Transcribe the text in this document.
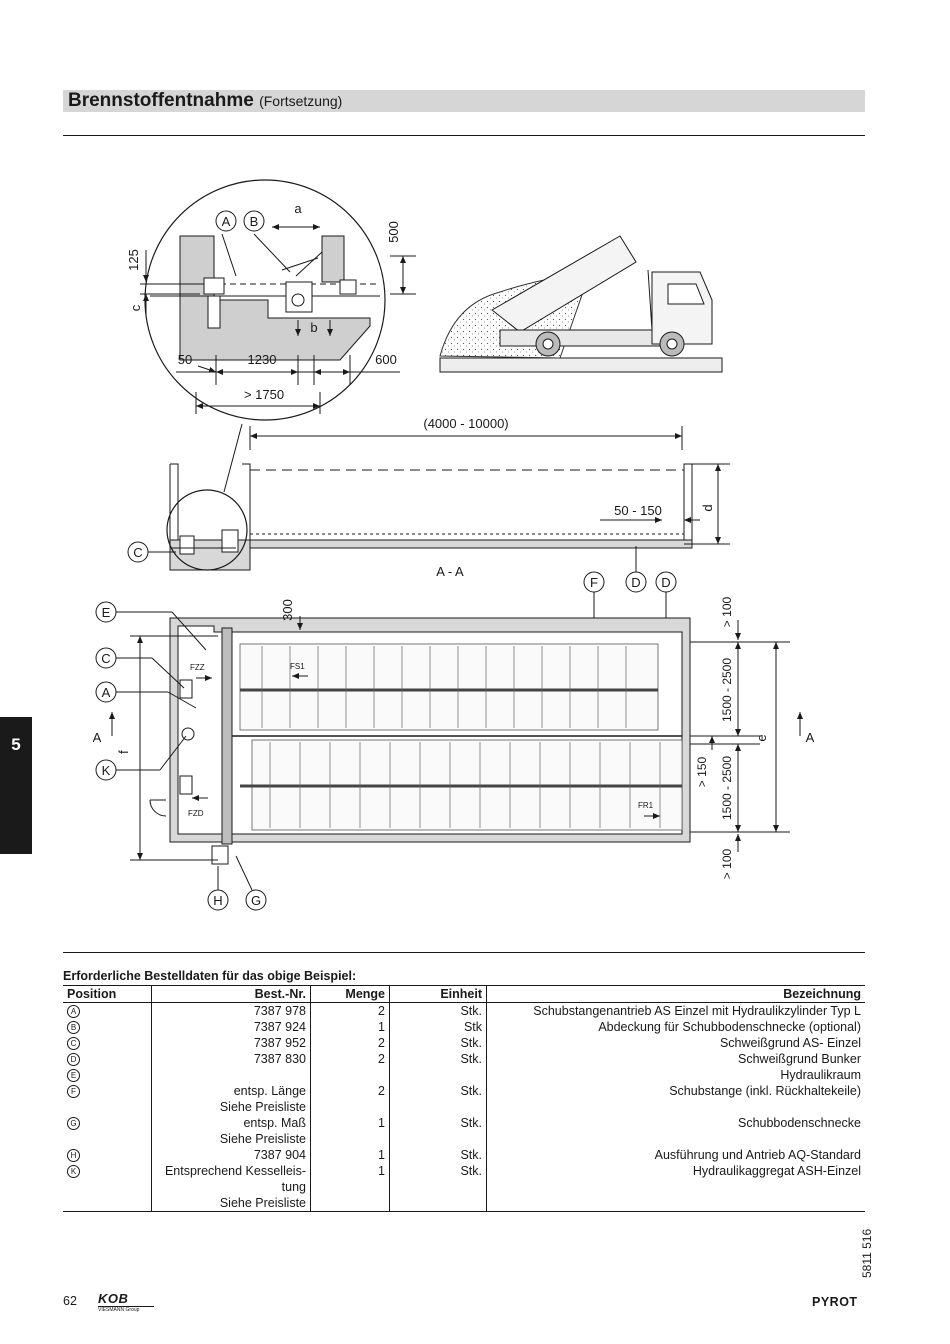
Brennstoffentnahme (Fortsetzung)
5
A B
a
500
125
c
b
50	1230	600
> 1750
(4000 - 10000)
50 - 150	d
A - A
C
F	D D
300	> 100
1500 - 2500
> 150 1500 - 2500
> 100
e
f
A	A
FZZ	FS1
FZD
FR1
E
C
A
K
H G
Erforderliche Bestelldaten für das obige Beispiel:
Position	Best.-Nr.	Menge	Einheit	Bezeichnung
A	7387 978	2	Stk.	Schubstangenantrieb AS Einzel mit Hydraulikzylinder Typ L
B	7387 924	1	Stk	Abdeckung für Schubbodenschnecke (optional)
C	7387 952	2	Stk.	Schweißgrund AS- Einzel
D	7387 830	2	Stk.	Schweißgrund Bunker
E				Hydraulikraum
F	entsp. Länge	2	Stk.	Schubstange (inkl. Rückhaltekeile)
	Siehe Preisliste			
G	entsp. Maß	1	Stk.	Schubbodenschnecke
	Siehe Preisliste			
H	7387 904	1	Stk.	Ausführung und Antrieb AQ-Standard
K	Entsprechend Kesselleis-	1	Stk.	Hydraulikaggregat ASH-Einzel
	tung			
	Siehe Preisliste			
5811 516
62 KOB
VIESMANN Group
PYROT
